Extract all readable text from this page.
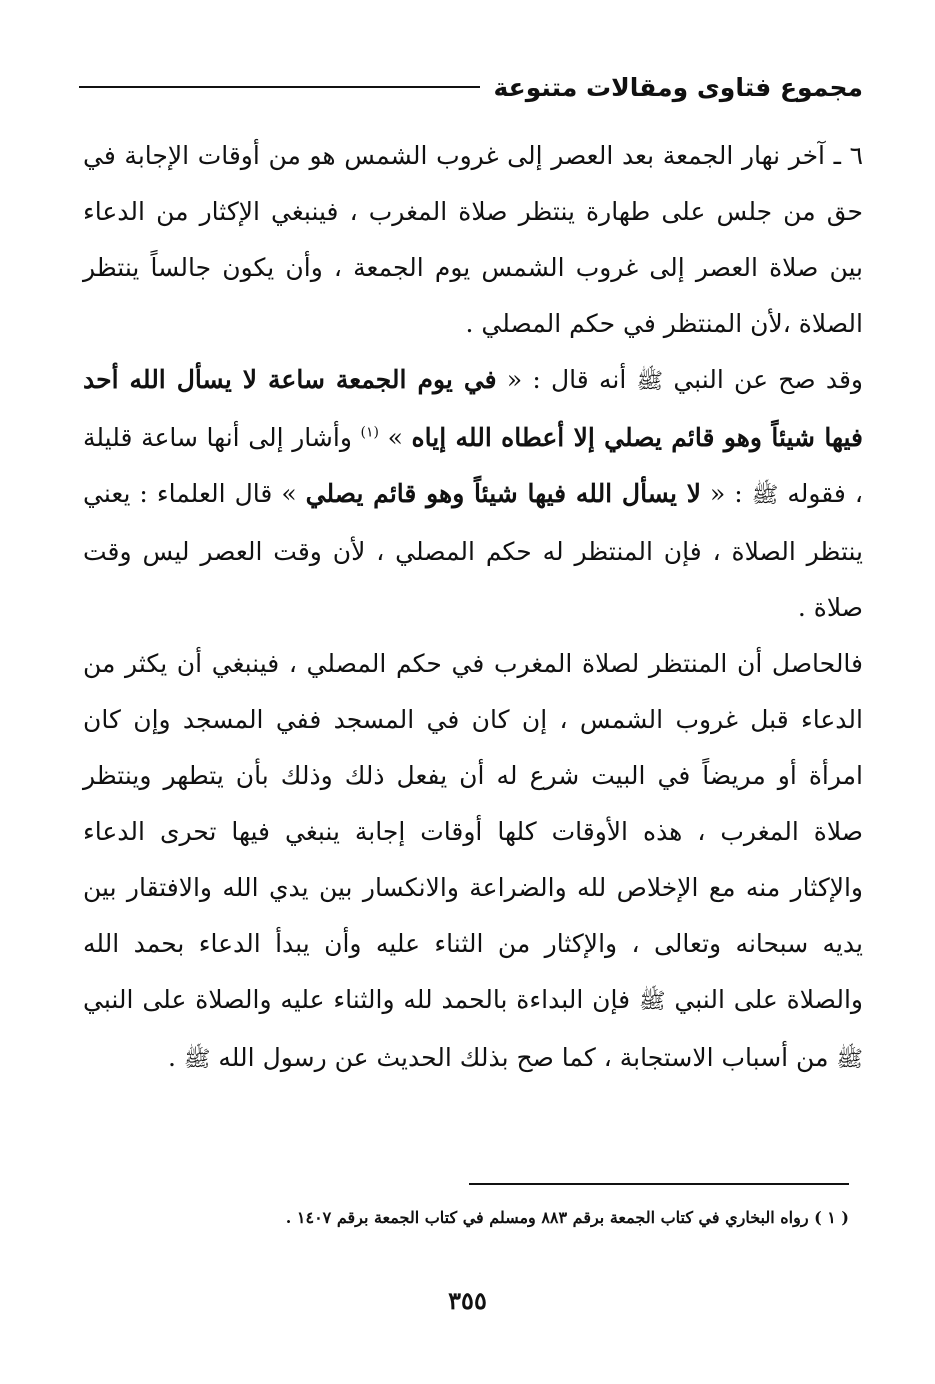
مجموع فتاوى ومقالات متنوعة

٦ ـ آخر نهار الجمعة بعد العصر إلى غروب الشمس هو من أوقات الإجابة في حق من جلس على طهارة ينتظر صلاة المغرب ، فينبغي الإكثار من الدعاء بين صلاة العصر إلى غروب الشمس يوم الجمعة ، وأن يكون جالساً ينتظر الصلاة ،لأن المنتظر في حكم المصلي .

وقد صح عن النبي ﷺ أنه قال : « في يوم الجمعة ساعة لا يسأل الله أحد فيها شيئاً وهو قائم يصلي إلا أعطاه الله إياه » $^{(١)}$ وأشار إلى أنها ساعة قليلة ، فقوله ﷺ : « لا يسأل الله فيها شيئاً وهو قائم يصلي » قال العلماء : يعني ينتظر الصلاة ، فإن المنتظر له حكم المصلي ، لأن وقت العصر ليس وقت صلاة .

فالحاصل أن المنتظر لصلاة المغرب في حكم المصلي ، فينبغي أن يكثر من الدعاء قبل غروب الشمس ، إن كان في المسجد ففي المسجد وإن كان امرأة أو مريضاً في البيت شرع له أن يفعل ذلك وذلك بأن يتطهر وينتظر صلاة المغرب ، هذه الأوقات كلها أوقات إجابة ينبغي فيها تحرى الدعاء والإكثار منه مع الإخلاص لله والضراعة والانكسار بين يدي الله والافتقار بين يديه سبحانه وتعالى ، والإكثار من الثناء عليه وأن يبدأ الدعاء بحمد الله والصلاة على النبي ﷺ فإن البداءة بالحمد لله والثناء عليه والصلاة على النبي ﷺ من أسباب الاستجابة ، كما صح بذلك الحديث عن رسول الله ﷺ .

( ١ ) رواه البخاري في كتاب الجمعة برقم ٨٨٣ ومسلم في كتاب الجمعة برقم ١٤٠٧ .
٣٥٥
